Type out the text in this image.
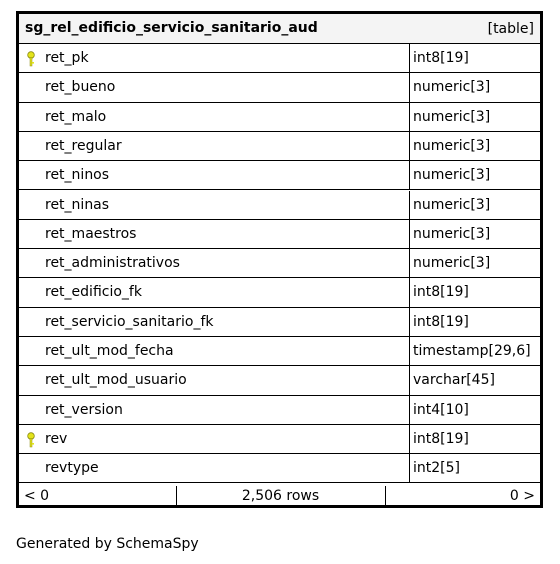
sg_rel_edificio_servicio_sanitario_aud	[table]
ret_pk	int8[19]
ret_bueno	numeric[3]
ret_malo	numeric[3]
ret_regular	numeric[3]
ret_ninos	numeric[3]
ret_ninas	numeric[3]
ret_maestros	numeric[3]
ret_administrativos	numeric[3]
ret_edificio_fk	int8[19]
ret_servicio_sanitario_fk	int8[19]
ret_ult_mod_fecha	timestamp[29,6]
ret_ult_mod_usuario	varchar[45]
ret_version	int4[10]
rev	int8[19]
revtype	int2[5]
< 0	2,506 rows	0 >
Generated by SchemaSpy
